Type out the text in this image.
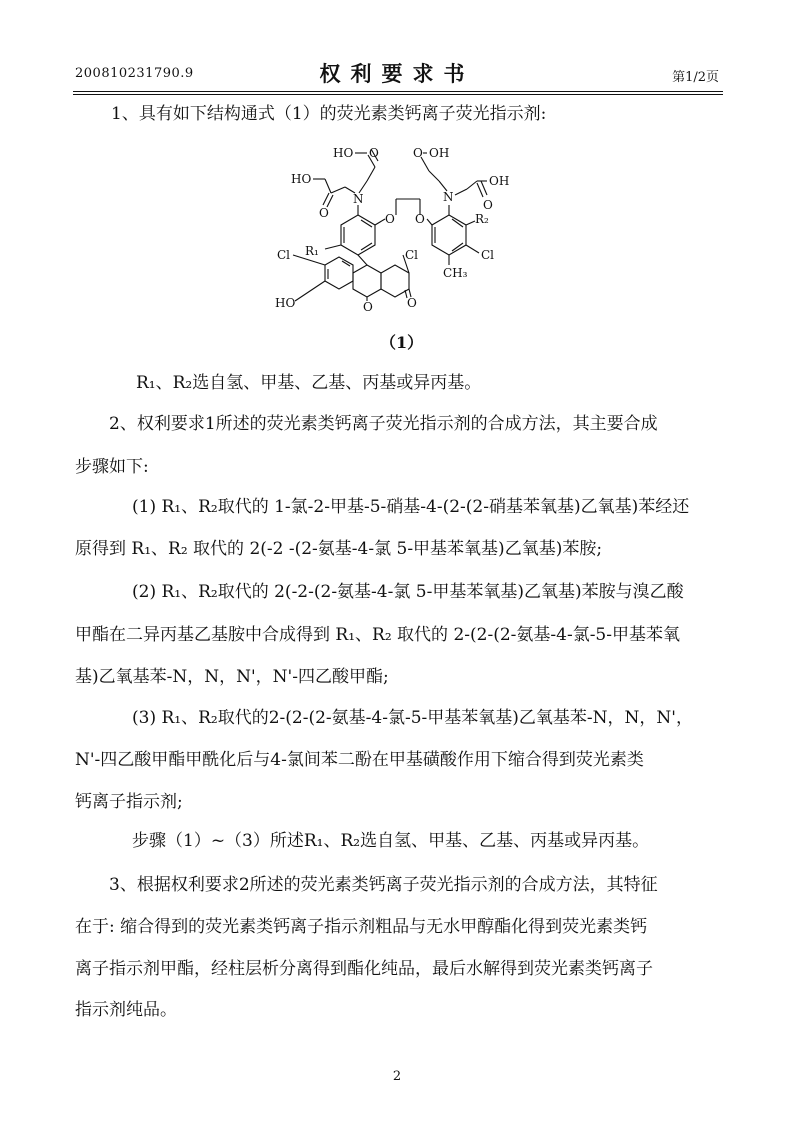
200810231790.9	权利要求书	第1/2页
1、具有如下结构通式（1）的荧光素类钙离子荧光指示剂:
HO O
HO
O
N
O O
R₁
O OH
N
OH
O
R₂
Cl
CH₃
Cl	Cl
HO	O	O
（1）
R₁、R₂选自氢、甲基、乙基、丙基或异丙基。
2、权利要求1所述的荧光素类钙离子荧光指示剂的合成方法，其主要合成
步骤如下:
(1) R₁、R₂取代的 1-氯-2-甲基-5-硝基-4-(2-(2-硝基苯氧基)乙氧基)苯经还
原得到 R₁、R₂ 取代的 2(-2 -(2-氨基-4-氯 5-甲基苯氧基)乙氧基)苯胺;
(2) R₁、R₂取代的 2(-2-(2-氨基-4-氯 5-甲基苯氧基)乙氧基)苯胺与溴乙酸
甲酯在二异丙基乙基胺中合成得到 R₁、R₂ 取代的 2-(2-(2-氨基-4-氯-5-甲基苯氧
基)乙氧基苯-N，N，N'，N'-四乙酸甲酯;
(3) R₁、R₂取代的2-(2-(2-氨基-4-氯-5-甲基苯氧基)乙氧基苯-N，N，N'，
N'-四乙酸甲酯甲酰化后与4-氯间苯二酚在甲基磺酸作用下缩合得到荧光素类
钙离子指示剂;
步骤（1）~（3）所述R₁、R₂选自氢、甲基、乙基、丙基或异丙基。
3、根据权利要求2所述的荧光素类钙离子荧光指示剂的合成方法，其特征
在于: 缩合得到的荧光素类钙离子指示剂粗品与无水甲醇酯化得到荧光素类钙
离子指示剂甲酯，经柱层析分离得到酯化纯品，最后水解得到荧光素类钙离子
指示剂纯品。
2
